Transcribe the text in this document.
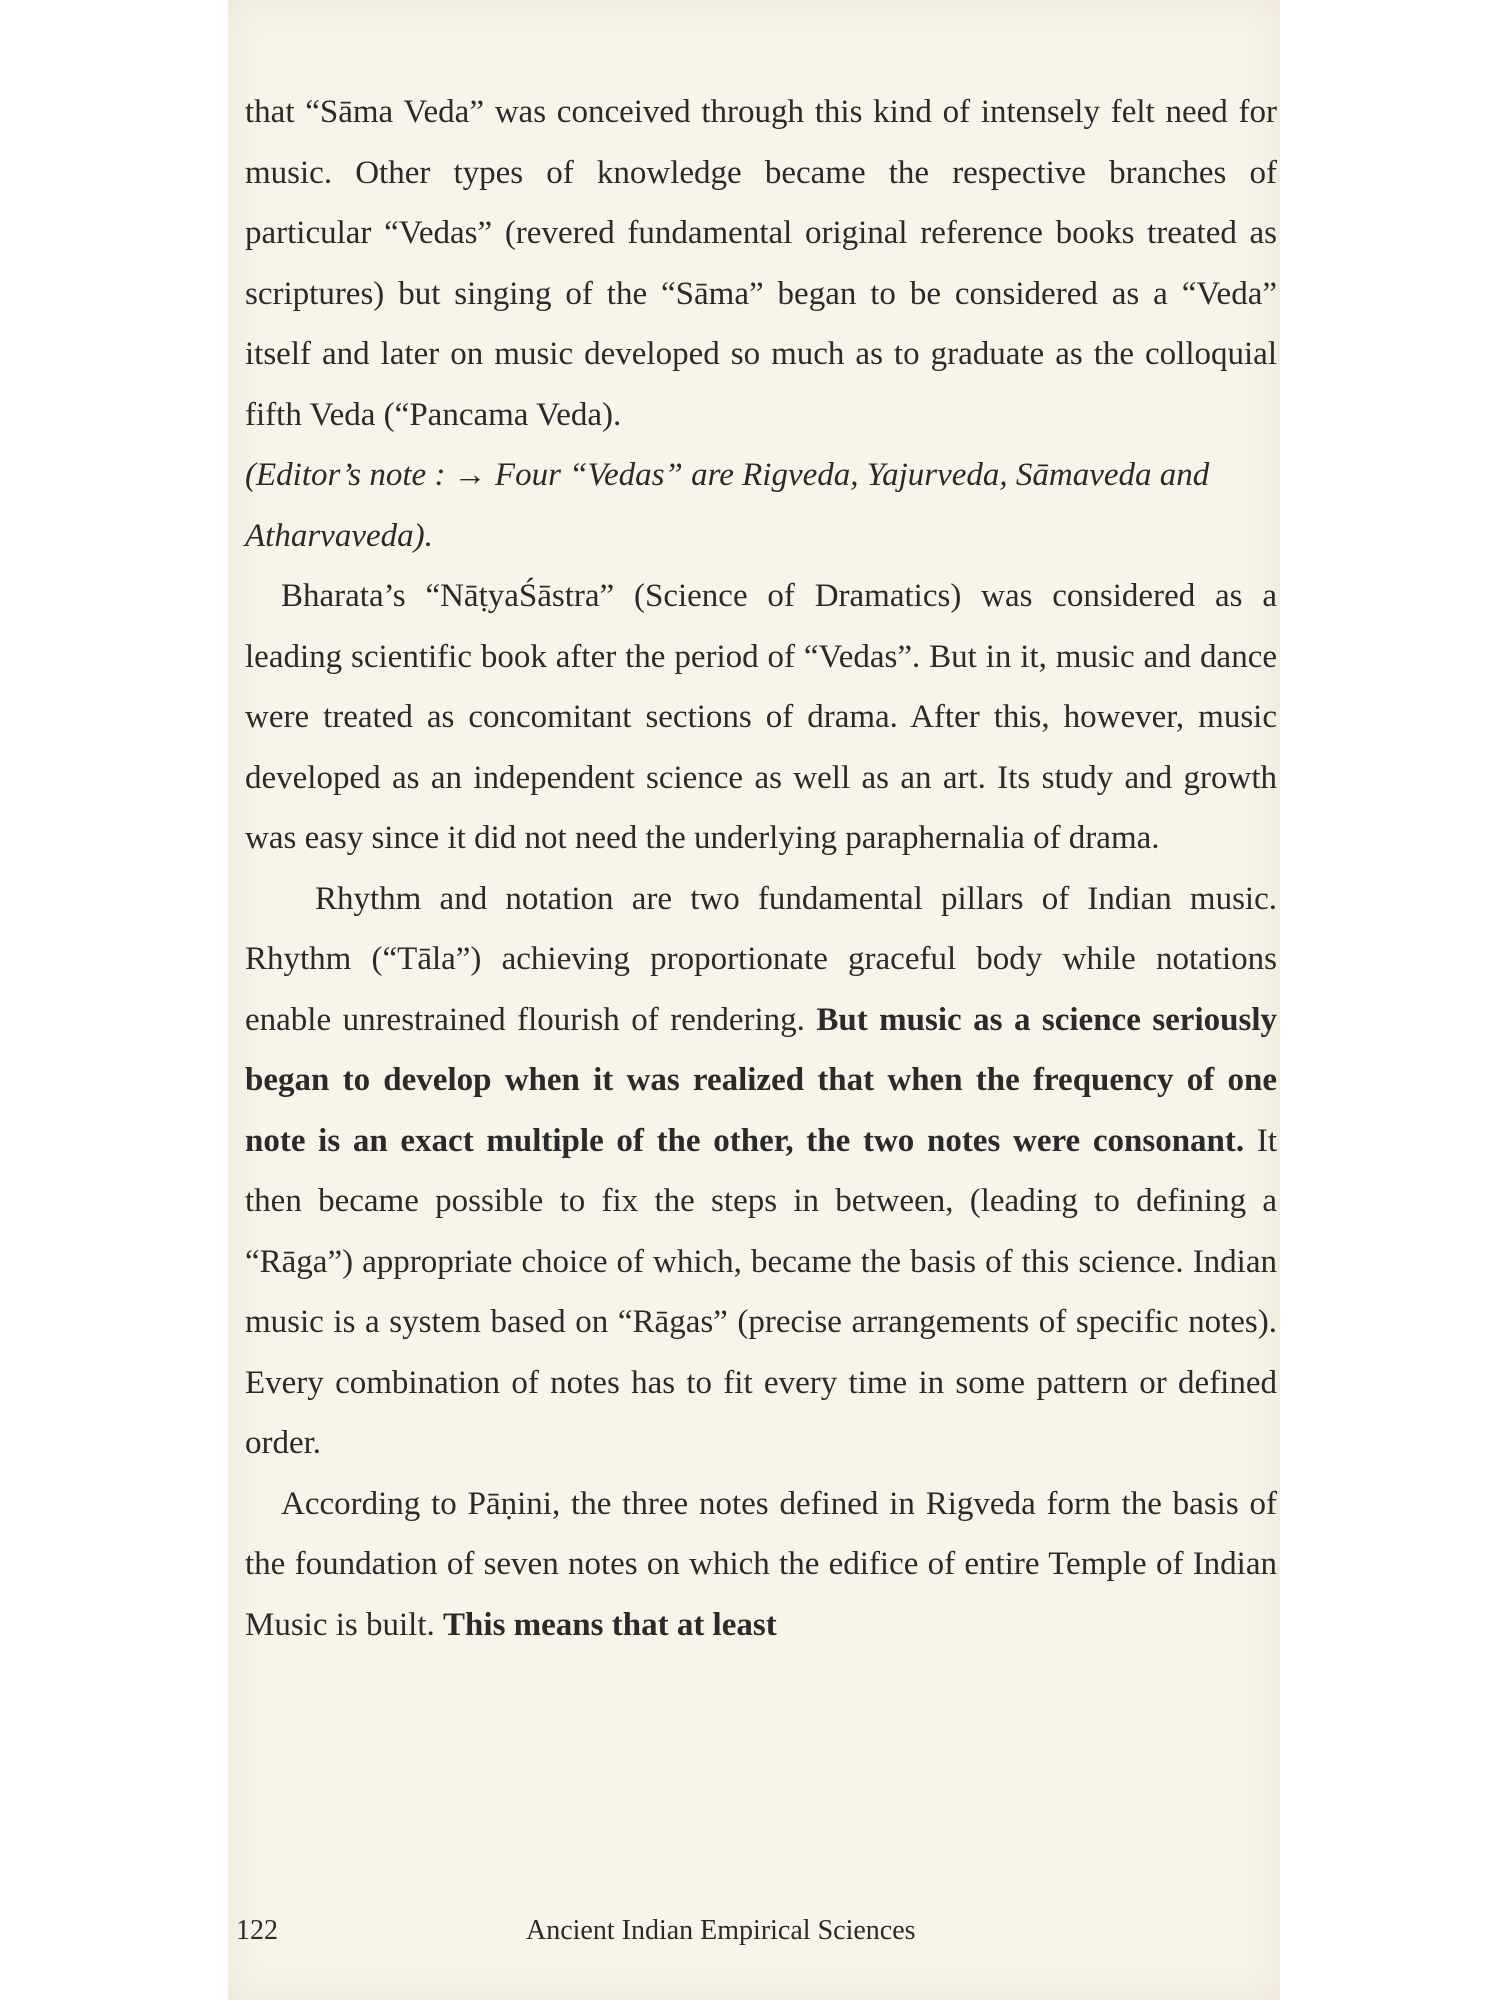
that “Sāma Veda” was conceived through this kind of intensely felt need for music. Other types of knowledge became the respective branches of particular “Vedas” (revered fundamental original reference books treated as scriptures) but singing of the “Sāma” began to be considered as a “Veda” itself and later on music developed so much as to graduate as the colloquial fifth Veda (“Pancama Veda).

(Editor’s note : → Four “Vedas” are Rigveda, Yajurveda, Sāmaveda and Atharvaveda).

Bharata’s “NāṭyaŚāstra” (Science of Dramatics) was considered as a leading scientific book after the period of “Vedas”. But in it, music and dance were treated as concomitant sections of drama. After this, however, music developed as an independent science as well as an art. Its study and growth was easy since it did not need the underlying paraphernalia of drama.

Rhythm and notation are two fundamental pillars of Indian music. Rhythm (“Tāla”) achieving proportionate graceful body while notations enable unrestrained flourish of rendering. But music as a science seriously began to develop when it was realized that when the frequency of one note is an exact multiple of the other, the two notes were consonant. It then became possible to fix the steps in between, (leading to defining a “Rāga”) appropriate choice of which, became the basis of this science. Indian music is a system based on “Rāgas” (precise arrangements of specific notes). Every combination of notes has to fit every time in some pattern or defined order.

According to Pāṇini, the three notes defined in Rigveda form the basis of the foundation of seven notes on which the edifice of entire Temple of Indian Music is built. This means that at least

122	Ancient Indian Empirical Sciences
